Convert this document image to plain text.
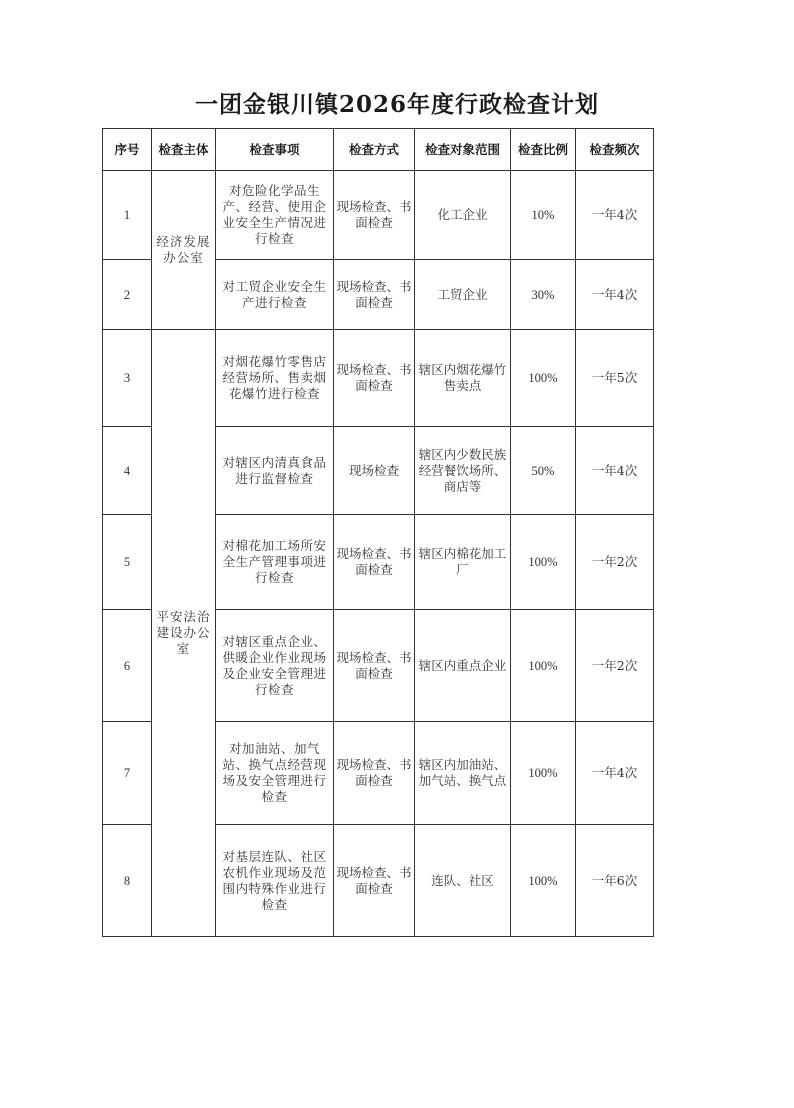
一团金银川镇2026年度行政检查计划
序号	检查主体	检查事项	检查方式	检查对象范围	检查比例	检查频次
1	经济发展办公室	对危险化学品生产、经营、使用企业安全生产情况进行检查	现场检查、书面检查	化工企业	10%	一年4次
2		对工贸企业安全生产进行检查	现场检查、书面检查	工贸企业	30%	一年4次
3	平安法治建设办公室	对烟花爆竹零售店经营场所、售卖烟花爆竹进行检查	现场检查、书面检查	辖区内烟花爆竹售卖点	100%	一年5次
4		对辖区内清真食品进行监督检查	现场检查	辖区内少数民族经营餐饮场所、商店等	50%	一年4次
5		对棉花加工场所安全生产管理事项进行检查	现场检查、书面检查	辖区内棉花加工厂	100%	一年2次
6		对辖区重点企业、供暖企业作业现场及企业安全管理进行检查	现场检查、书面检查	辖区内重点企业	100%	一年2次
7		对加油站、加气站、换气点经营现场及安全管理进行检查	现场检查、书面检查	辖区内加油站、加气站、换气点	100%	一年4次
8		对基层连队、社区农机作业现场及范围内特殊作业进行检查	现场检查、书面检查	连队、社区	100%	一年6次
